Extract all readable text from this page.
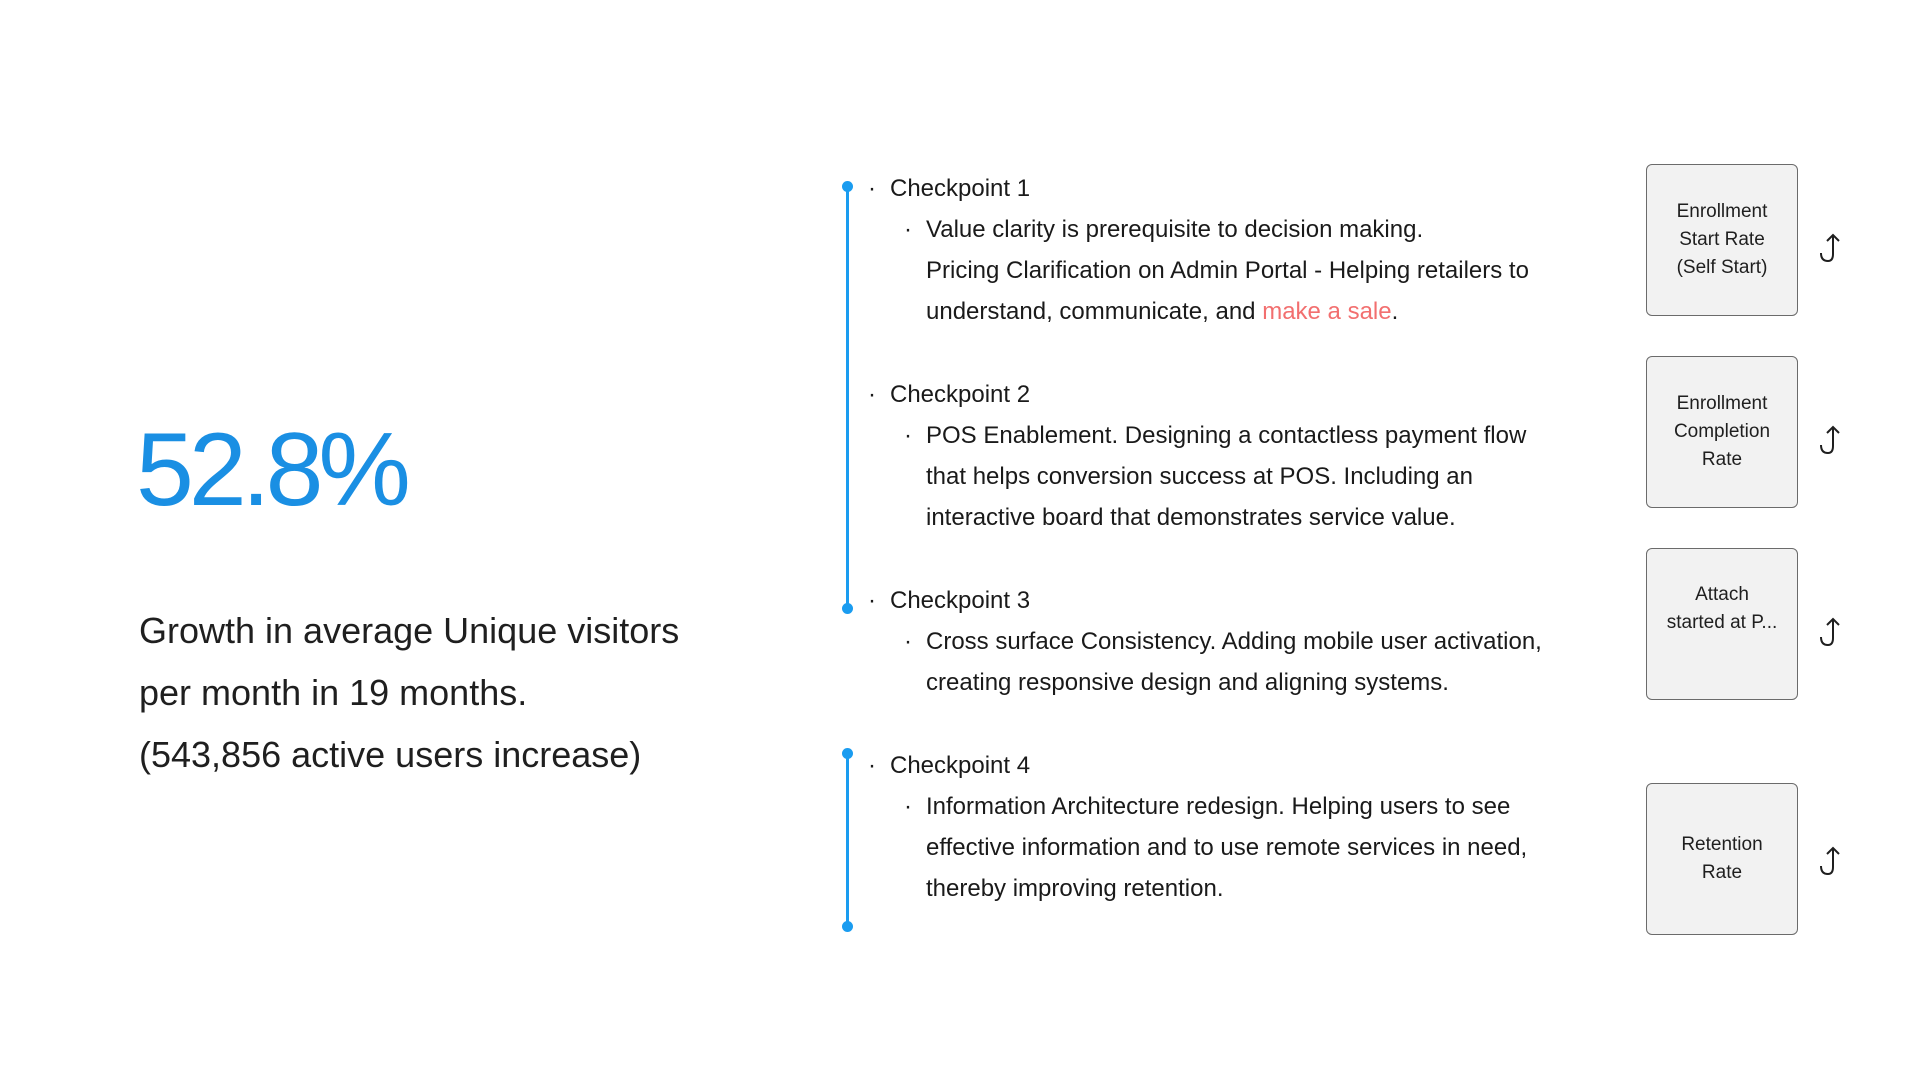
52.8%
Growth in average Unique visitors
per month in 19 months.
(543,856 active users increase)
· Checkpoint 1
· Value clarity is prerequisite to decision making.
Pricing Clarification on Admin Portal - Helping retailers to
understand, communicate, and make a sale.
· Checkpoint 2
· POS Enablement. Designing a contactless payment flow
that helps conversion success at POS. Including an
interactive board that demonstrates service value.
· Checkpoint 3
· Cross surface Consistency. Adding mobile user activation,
creating responsive design and aligning systems.
· Checkpoint 4
· Information Architecture redesign. Helping users to see
effective information and to use remote services in need,
thereby improving retention.
Enrollment
Start Rate
(Self Start)
Enrollment
Completion
Rate
Attach
started at P...
Retention
Rate
